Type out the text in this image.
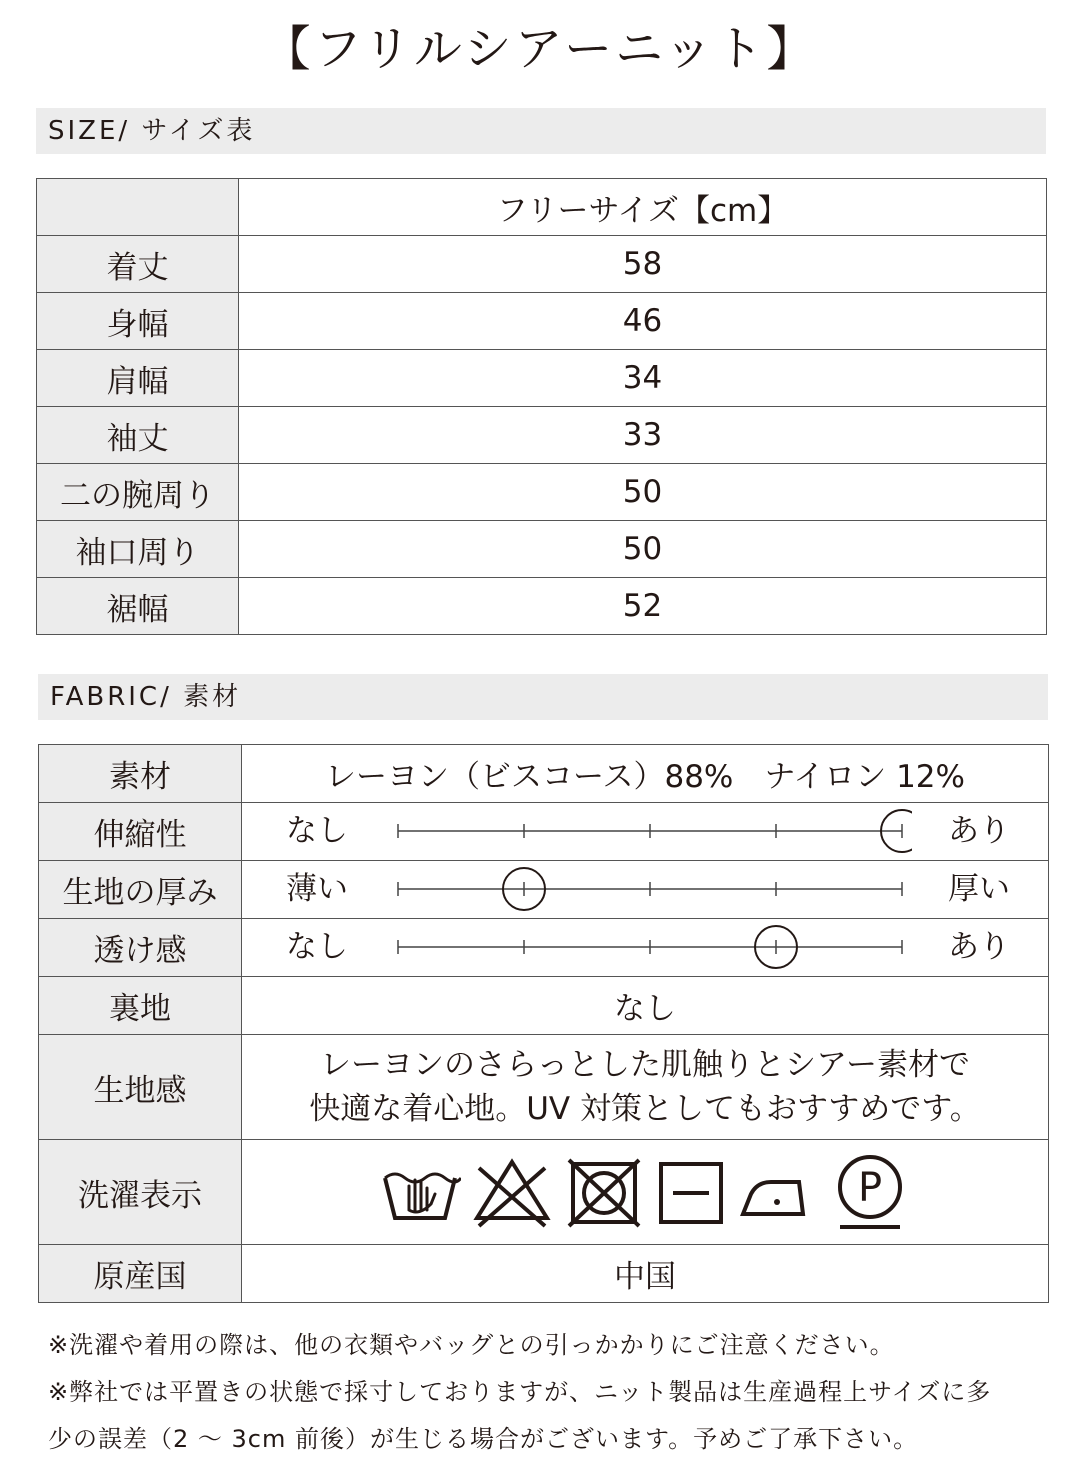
【フリルシアーニット】
SIZE/ サイズ表
	フリーサイズ【cm】
着丈	58
身幅	46
肩幅	34
袖丈	33
二の腕周り	50
袖口周り	50
裾幅	52
FABRIC/ 素材
素材	レーヨン（ビスコース）88%　ナイロン 12%
伸縮性	なし あり

生地の厚み	薄い 厚い

透け感	なし あり

裏地	なし
生地感	レーヨンのさらっとした肌触りとシアー素材で
快適な着心地。UV 対策としてもおすすめです。

洗濯表示	P

原産国	中国
※洗濯や着用の際は、他の衣類やバッグとの引っかかりにご注意ください。
※弊社では平置きの状態で採寸しておりますが、ニット製品は生産過程上サイズに多
少の誤差（2 〜 3cm 前後）が生じる場合がございます。予めご了承下さい。
